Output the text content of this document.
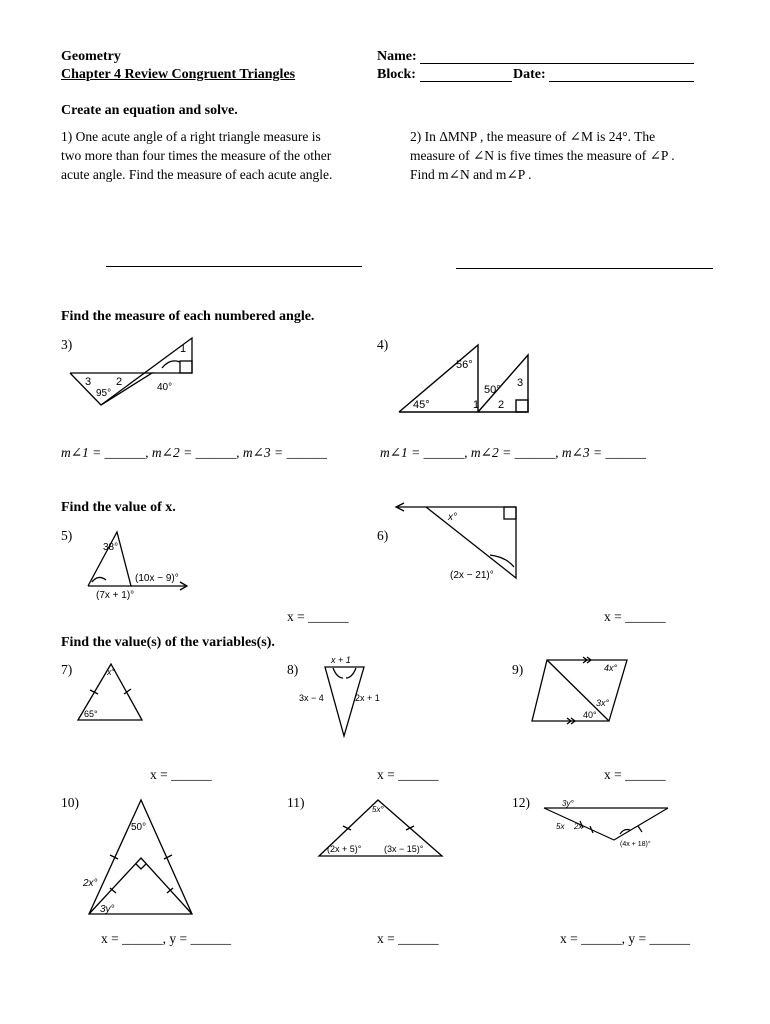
Geometry
Chapter 4 Review Congruent Triangles
Name:
Block:	Date:
Create an equation and solve.
1) One acute angle of a right triangle measure is
two more than four times the measure of the other
acute angle. Find the measure of each acute angle.
2) In ΔMNP , the measure of ∠M is 24°. The
measure of ∠N is five times the measure of ∠P .
Find m∠N and m∠P .
Find the measure of each numbered angle.
3)	1
2
3
95°
40°
m∠1 = ______, m∠2 = ______, m∠3 = ______
4)
56°
50°
45°	1 2
3
m∠1 = ______, m∠2 = ______, m∠3 = ______
Find the value of x.
5)
38°
(10x − 9)°
(7x + 1)°
x = ______
6)
x°
(2x − 21)°
x = ______
Find the value(s) of the variables(s).
7)	x°
65°
x = ______
8)
x + 1
3x − 4	2x + 1
x = ______
9)	4x°
3x°
40°
x = ______
10)
50°
2x°
3y°
x = ______, y = ______
11)	5x°
(2x + 5)°	(3x − 15)°
x = ______
12)	3y°
5x 2x
(4x + 18)°
x = ______, y = ______
